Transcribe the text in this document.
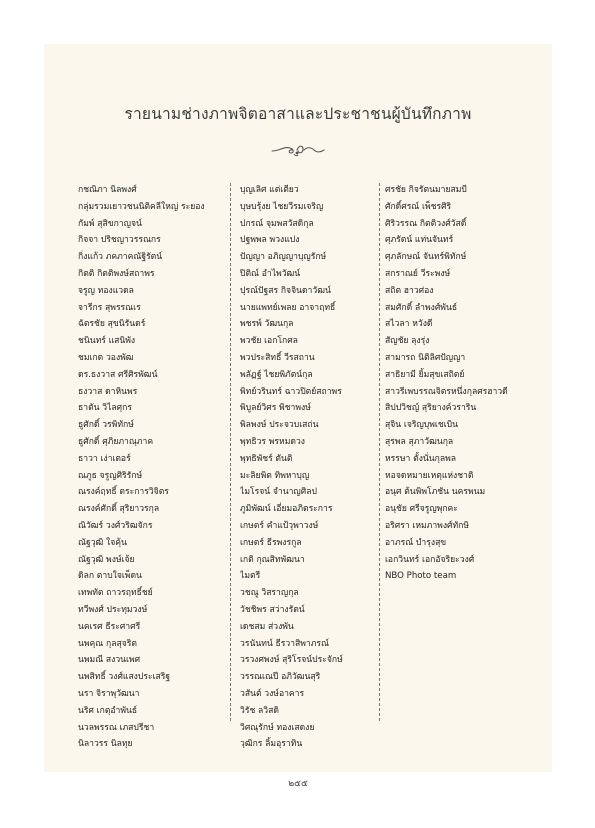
รายนามช่างภาพจิตอาสาและประชาชนผู้บันทึกภาพ
กชณิภา นิลพงศ์
กลุ่มรวมเยาวชนนิติคลีใหญ่ ระยอง
กัมพ์ สุสิขกาญจน์
กิจจา ปริชญาวรรณกร
กิ่งแก้ว ภคภาคณัฐิรัตน์
กิตติ กิตติพงษ์สถาพร
จรูญ ทองแวดล
จารีกร สุพรรณเร
ฉัตรชัย สุขนิรันดร์
ชนินทร์ แสนิพัง
ชมเกด วองพัฒ
ดร.ธงวาส ศรีศิรพัฒน์
ธงวาส ดาหินพร
ธาตัน วิไลศุกร
ธูศักดิ์ วรพิทักษ์
ธูศักดิ์ ศุภิยภาณุภาค
ธาวา เง่าเตอร์
ณภูธ จรูญศิริรักษ์
ณรงค์ฤทธิ์ ตระการวิจิตร
ณรงค์ศักดิ์ สุริยาวรกุล
ณิวัฒร์ วงศ์วริฒจักร
ณัฐวุฒิ ใจคุ้น
ณัฐวุฒิ พงษ์เจ้ย
ดิลก ตาบใจเพ็ดน
เทพทัต ถาวรฤทธิ์ชย์
ทวีพงศ์ ประทุมวงษ์
นคเรศ ธีระศาศรี
นพคุณ กุลสุจริต
นพมณี สงวนเพศ
นพสิทธิ์ วงศ์แสงประเสริฐ
นรา จิราพุวัฒนา
นริศ เกตุอำพันธ์
นวลพรรณ เภสปรีชา
นิลาวรร นิลทุย
บุญเลิศ แต่เตียว
บุษบรุ้งย ไชยวีรมเจริญ
ปกรณ์ จุมพสวัสดิกุล
ปฐพพล พวงแปง
ปัญญา อภิญญาบุญรักษ์
ปิติณ์ อำไพวัฒน์
ปุรณ์ปัฐสร กิจจินดาวัฒน์
นายแพทย์เพลย อาจาฤทธิ์
พชรพ์ วัฒนกุล
พวชัย เอกโกศล
พวประสิทธิ์ วีรสถาน
พลัฏฐ์ ไชยพิภัตน์กุล
พิทย์วรินทร์ ฉาวปิตย์สถาพร
พิบูลย์วิศร พิชาพงษ์
พิลพงษ์ ประจวบเสถ่น
พุทธิวร พรหมดวง
พุทธิพัชร์ ตันติ
มะลิยพิต ทิพหาบุญ
ไมโรจน์ จำนาญศิลป
ภูมิพัฒน์ เอี่ยมอภิตระการ
เกษตร์ คำแป้วุพาวงษ์
เกษตร์ ธีรพงรกูล
เกติ กุณสิทพัฒนา
ไมตรี
วชณู วิสราญกุล
วัชชิพร สว่างรัตน์
เดชสม ส่วงพัน
วรนันทน์ ธีรวาสิพาภรณ์
วรวงศพงษ์ สุริโรจน์ประจักษ์
วรรณเณปี อภิวัฒนสุริ
วสันต์ วงษ์อาคาร
วิรัช ลวิสดิ
วิศณุรักษ์ ทองเสดงย
วุฒิกร ลิ้มอุราทิน
ศรชัย กิจรัตนมายสมบี
ศักดิ์ศรณ์ เพ็ชรศิริ
ศิริวรรณ กิตติวงศ์วัสดิ์
ศุภรัตน์ แท่นจันทร์
ศุภลักษณ์ จันทร์พิทักษ์
สกราณย์ วีระพงษ์
สถิต ฮาวศ่อง
สมศักดิ์ ลำพงศ์พันธ์
สไวลา หวังดี
สัญชัย ลุงรุ่ง
สามารถ นิติลิศปัญญา
สาธิยามี ยิ้มสุขเสถิตย์
สาวรีเพบรรณจิตรหนึ่งกุลศรฮาวดี
สิปปวิชญ์ สุริยางค์วราริน
สุจิน เจริญบุพเชเบิน
สุรพล สุภาวัฒนกุล
หรรษา ตั้งนั่นกุลพล
หอจดหมายเหตุแห่งชาติ
อนุศ ต้นพิพโภชัน นครพนม
อนุชัย ศรีจรูญพุกคะ
อริศรา เหมภาพงศ์ทักษิ
อาภรณ์ บำรุงสุข
เอกวินทร์ เอกอัจริยะวงศ์
NBO Photo team
๒๕๕
